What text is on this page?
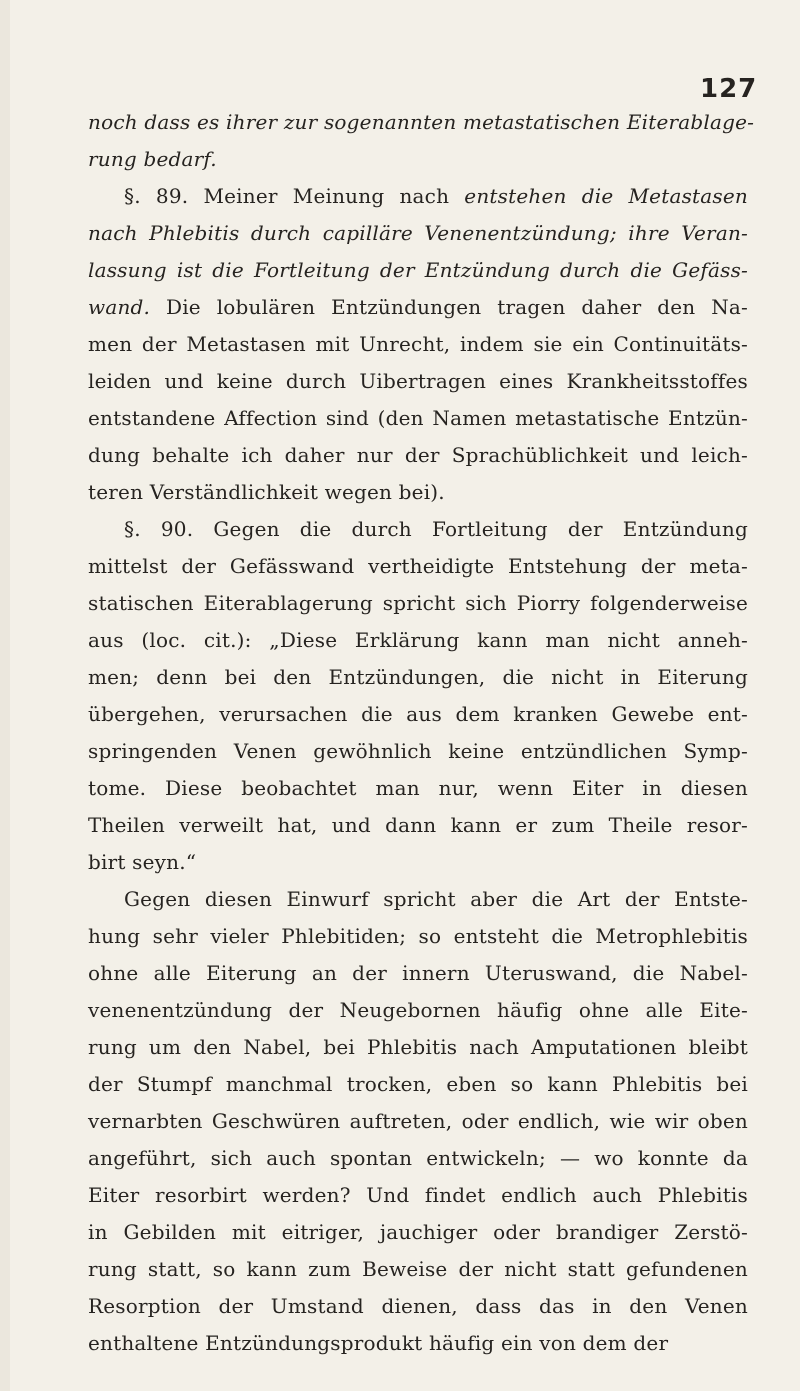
127
noch dass es ihrer zur sogenannten metastatischen Eiterablage-
rung bedarf.
§. 89. Meiner Meinung nach entstehen die Metastasen
nach Phlebitis durch capilläre Venenentzündung; ihre Veran-
lassung ist die Fortleitung der Entzündung durch die Gefäss-
wand. Die lobulären Entzündungen tragen daher den Na-
men der Metastasen mit Unrecht, indem sie ein Continuitäts-
leiden und keine durch Uibertragen eines Krankheitsstoffes
entstandene Affection sind (den Namen metastatische Entzün-
dung behalte ich daher nur der Sprachüblichkeit und leich-
teren Verständlichkeit wegen bei).
§. 90. Gegen die durch Fortleitung der Entzündung
mittelst der Gefässwand vertheidigte Entstehung der meta-
statischen Eiterablagerung spricht sich Piorry folgenderweise
aus (loc. cit.): „Diese Erklärung kann man nicht anneh-
men; denn bei den Entzündungen, die nicht in Eiterung
übergehen, verursachen die aus dem kranken Gewebe ent-
springenden Venen gewöhnlich keine entzündlichen Symp-
tome. Diese beobachtet man nur, wenn Eiter in diesen
Theilen verweilt hat, und dann kann er zum Theile resor-
birt seyn.“
Gegen diesen Einwurf spricht aber die Art der Entste-
hung sehr vieler Phlebitiden; so entsteht die Metrophlebitis
ohne alle Eiterung an der innern Uteruswand, die Nabel-
venenentzündung der Neugebornen häufig ohne alle Eite-
rung um den Nabel, bei Phlebitis nach Amputationen bleibt
der Stumpf manchmal trocken, eben so kann Phlebitis bei
vernarbten Geschwüren auftreten, oder endlich, wie wir oben
angeführt, sich auch spontan entwickeln; — wo konnte da
Eiter resorbirt werden? Und findet endlich auch Phlebitis
in Gebilden mit eitriger, jauchiger oder brandiger Zerstö-
rung statt, so kann zum Beweise der nicht statt gefundenen
Resorption der Umstand dienen, dass das in den Venen
enthaltene Entzündungsprodukt häufig ein von dem der
